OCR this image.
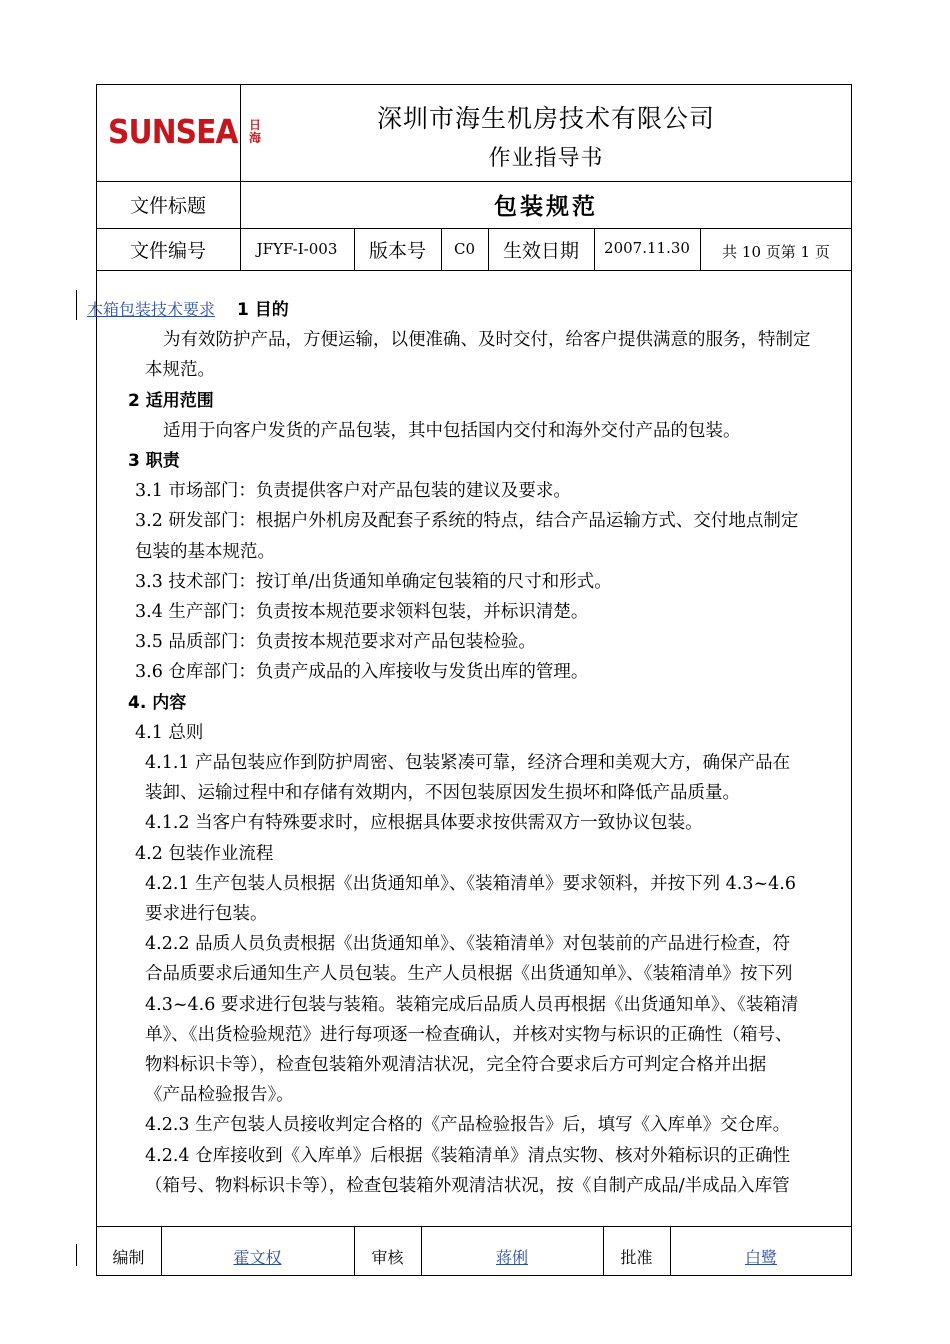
SUNSEA 日海
深圳市海生机房技术有限公司
作业指导书
文件标题	包装规范
文件编号	JFYF-I-003	版本号	C0	生效日期	2007.11.30	共 10 页第 1 页

木箱包装技术要求 1 目的

为有效防护产品，方便运输，以便准确、及时交付，给客户提供满意的服务，特制定

本规范。

2 适用范围

适用于向客户发货的产品包装，其中包括国内交付和海外交付产品的包装。

3 职责

3.1 市场部门：负责提供客户对产品包装的建议及要求。

3.2 研发部门：根据户外机房及配套子系统的特点，结合产品运输方式、交付地点制定

包装的基本规范。

3.3 技术部门：按订单/出货通知单确定包装箱的尺寸和形式。

3.4 生产部门：负责按本规范要求领料包装，并标识清楚。

3.5 品质部门：负责按本规范要求对产品包装检验。

3.6 仓库部门：负责产成品的入库接收与发货出库的管理。

4. 内容

4.1 总则

4.1.1 产品包装应作到防护周密、包装紧凑可靠，经济合理和美观大方，确保产品在

装卸、运输过程中和存储有效期内，不因包装原因发生损坏和降低产品质量。

4.1.2 当客户有特殊要求时，应根据具体要求按供需双方一致协议包装。

4.2 包装作业流程

4.2.1 生产包装人员根据《出货通知单》、《装箱清单》要求领料，并按下列 4.3~4.6

要求进行包装。

4.2.2 品质人员负责根据《出货通知单》、《装箱清单》对包装前的产品进行检查，符

合品质要求后通知生产人员包装。生产人员根据《出货通知单》、《装箱清单》按下列

4.3~4.6 要求进行包装与装箱。装箱完成后品质人员再根据《出货通知单》、《装箱清

单》、《出货检验规范》进行每项逐一检查确认，并核对实物与标识的正确性（箱号、

物料标识卡等），检查包装箱外观清洁状况，完全符合要求后方可判定合格并出据

《产品检验报告》。

4.2.3 生产包装人员接收判定合格的《产品检验报告》后，填写《入库单》交仓库。

4.2.4 仓库接收到《入库单》后根据《装箱清单》清点实物、核对外箱标识的正确性

（箱号、物料标识卡等），检查包装箱外观清洁状况，按《自制产成品/半成品入库管

编制	霍文权	审核	蒋俐	批准	白鹭
